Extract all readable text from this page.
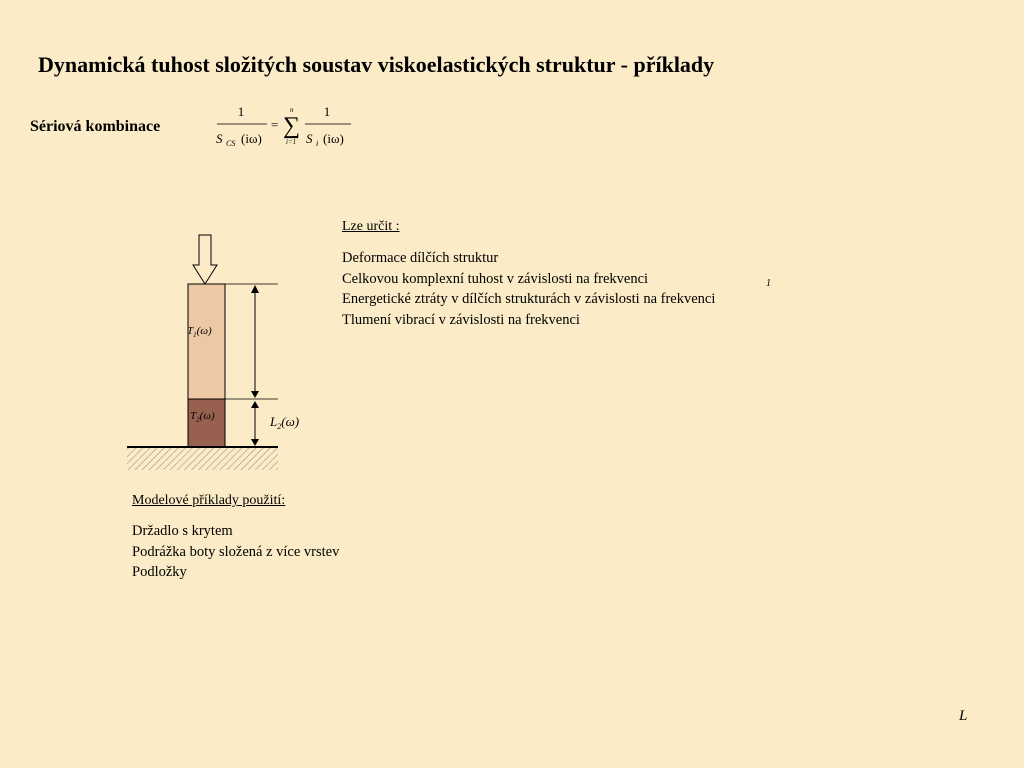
Dynamická tuhost složitých soustav viskoelastických struktur - příklady
Sériová kombinace
1
S CS (iω)
= ∑
n
i=1
1
S i (iω)
$T_1(\omega)$
$T_2(\omega)$	$L_2(\omega)$
Lze určit :
Deformace dílčích struktur
Celkovou komplexní tuhost v závislosti na frekvenci
Energetické ztráty v dílčích strukturách v závislosti na frekvenci
Tlumení vibrací v závislosti na frekvenci
Modelové příklady použití:
Držadlo s krytem
Podrážka boty složená z více vrstev
Podložky
1
L
